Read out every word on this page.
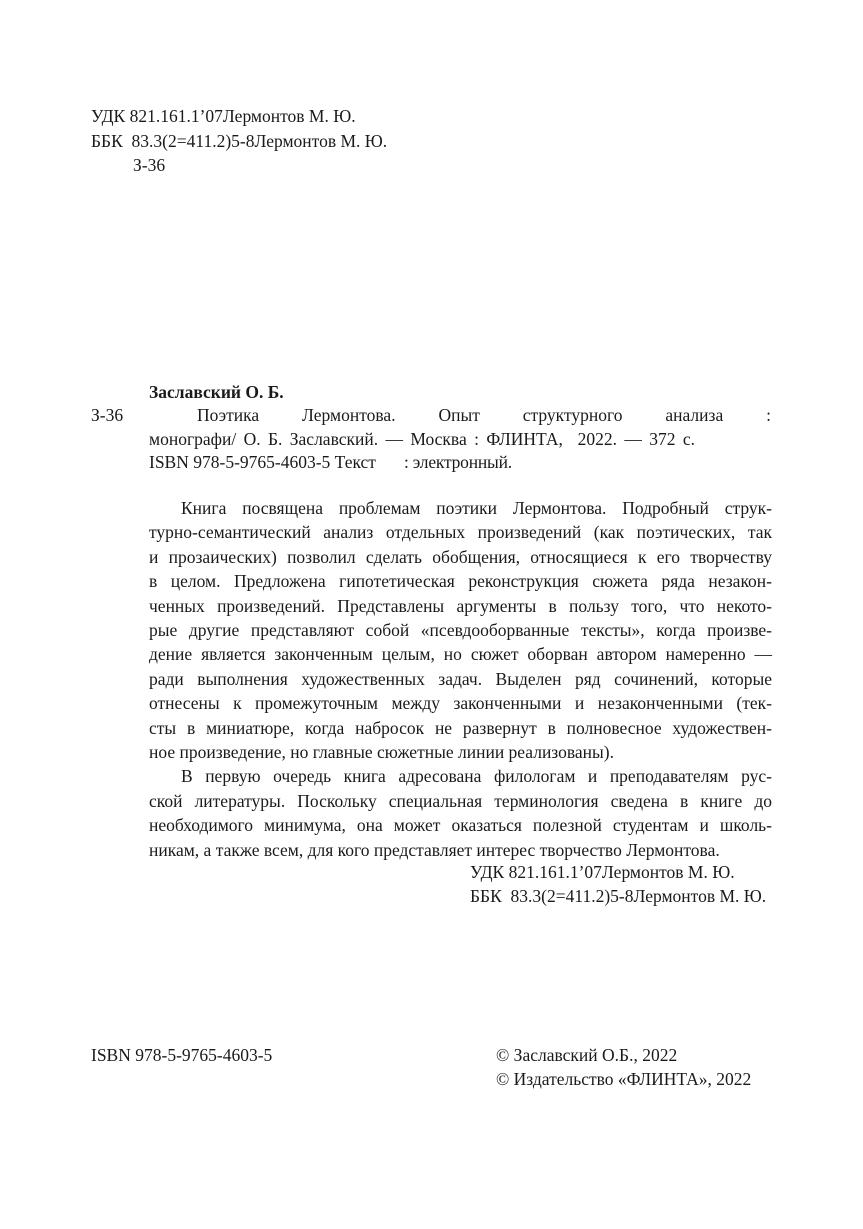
УДК 821.161.1’07Лермонтов М. Ю.
ББК  83.3(2=411.2)5-8Лермонтов М. Ю.
З-36
Заславский О. Б.
З-36	Поэтика Лермонтова. Опыт структурного анализа :
монографи/ О. Б. Заславский. — Москва : ФЛИНТА,  2022. — 372 с.
ISBN 978-5-9765-4603-5 Текст : электронный.
Книга посвящена проблемам поэтики Лермонтова. Подробный струк-
турно-семантический анализ отдельных произведений (как поэтических, так
и прозаических) позволил сделать обобщения, относящиеся к его творчеству
в целом. Предложена гипотетическая реконструкция сюжета ряда незакон-
ченных произведений. Представлены аргументы в пользу того, что некото-
рые другие представляют собой «псевдооборванные тексты», когда произве-
дение является законченным целым, но сюжет оборван автором намеренно —
ради выполнения художественных задач. Выделен ряд сочинений, которые
отнесены к промежуточным между законченными и незаконченными (тек-
сты в миниатюре, когда набросок не развернут в полновесное художествен-
ное произведение, но главные сюжетные линии реализованы).
В первую очередь книга адресована филологам и преподавателям рус-
ской литературы. Поскольку специальная терминология сведена в книге до
необходимого минимума, она может оказаться полезной студентам и школь-
никам, а также всем, для кого представляет интерес творчество Лермонтова.
УДК 821.161.1’07Лермонтов М. Ю.
ББК  83.3(2=411.2)5-8Лермонтов М. Ю.
ISBN 978-5-9765-4603-5	© Заславский О.Б., 2022
© Издательство «ФЛИНТА», 2022
